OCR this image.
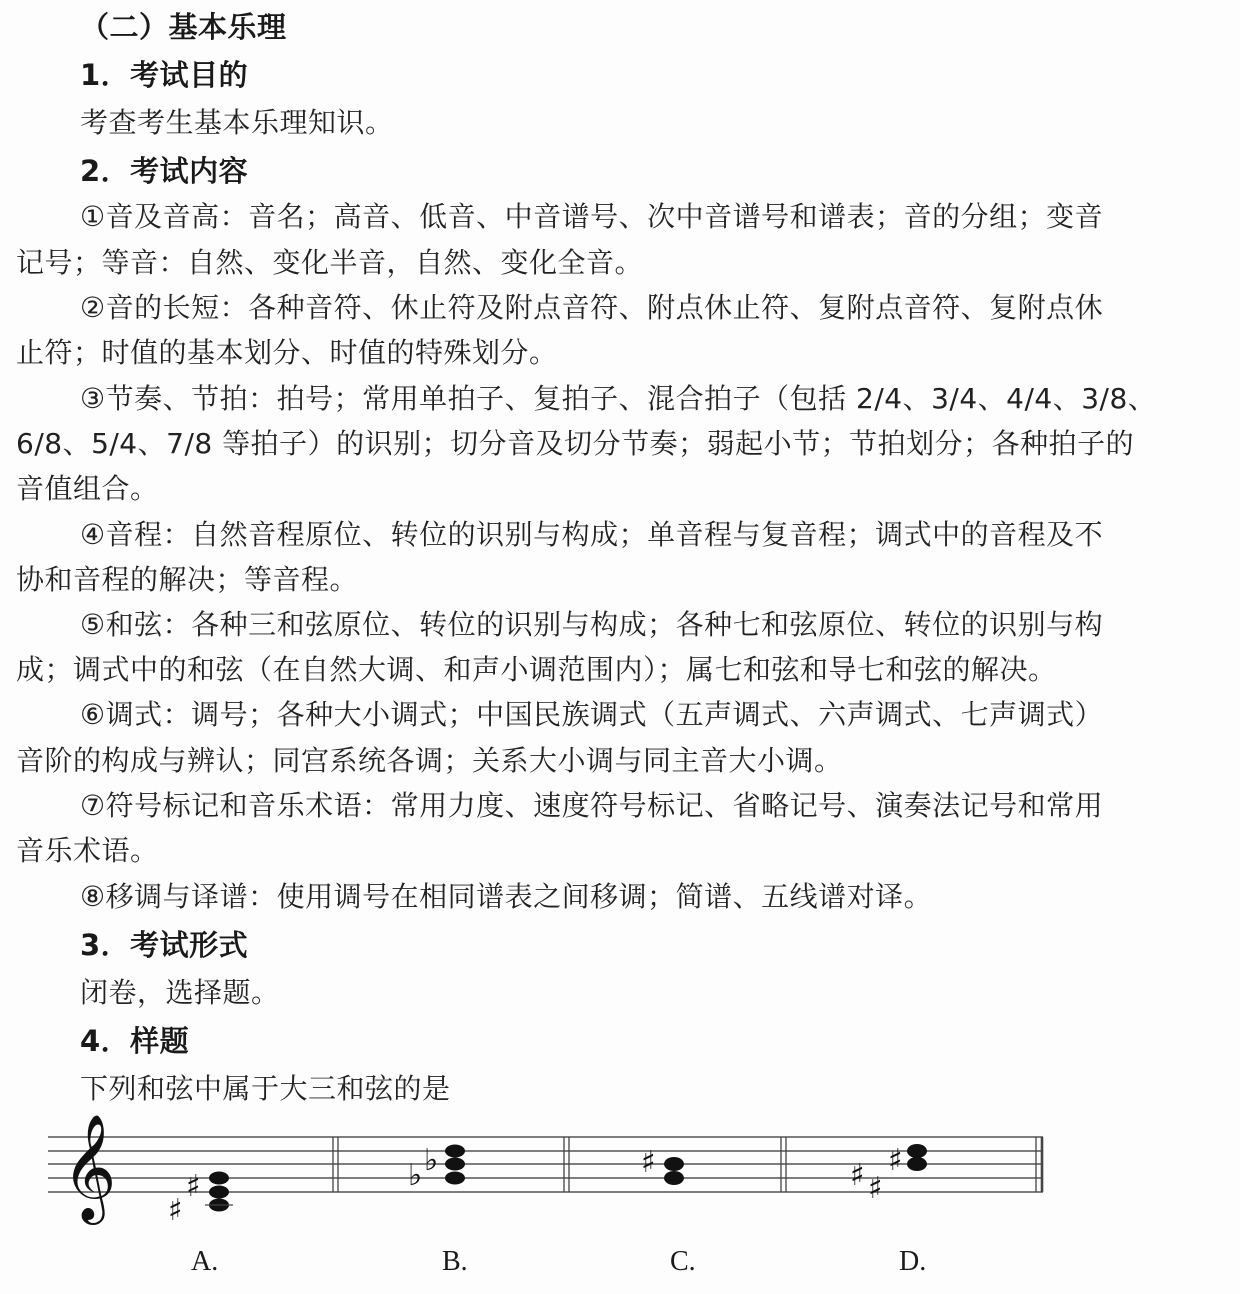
（二）基本乐理
1．考试目的
考查考生基本乐理知识。
2．考试内容
①音及音高：音名；高音、低音、中音谱号、次中音谱号和谱表；音的分组；变音
记号；等音：自然、变化半音，自然、变化全音。
②音的长短：各种音符、休止符及附点音符、附点休止符、复附点音符、复附点休
止符；时值的基本划分、时值的特殊划分。
③节奏、节拍：拍号；常用单拍子、复拍子、混合拍子（包括 2/4、3/4、4/4、3/8、
6/8、5/4、7/8 等拍子）的识别；切分音及切分节奏；弱起小节；节拍划分；各种拍子的
音值组合。
④音程：自然音程原位、转位的识别与构成；单音程与复音程；调式中的音程及不
协和音程的解决；等音程。
⑤和弦：各种三和弦原位、转位的识别与构成；各种七和弦原位、转位的识别与构
成；调式中的和弦（在自然大调、和声小调范围内）；属七和弦和导七和弦的解决。
⑥调式：调号；各种大小调式；中国民族调式（五声调式、六声调式、七声调式）
音阶的构成与辨认；同宫系统各调；关系大小调与同主音大小调。
⑦符号标记和音乐术语：常用力度、速度符号标记、省略记号、演奏法记号和常用
音乐术语。
⑧移调与译谱：使用调号在相同谱表之间移调；简谱、五线谱对译。
3．考试形式
闭卷，选择题。
4．样题
下列和弦中属于大三和弦的是
𝄞 ♯
♯	♭ ♭	♯	♯ ♯
♯
A.	B.	C.	D.
